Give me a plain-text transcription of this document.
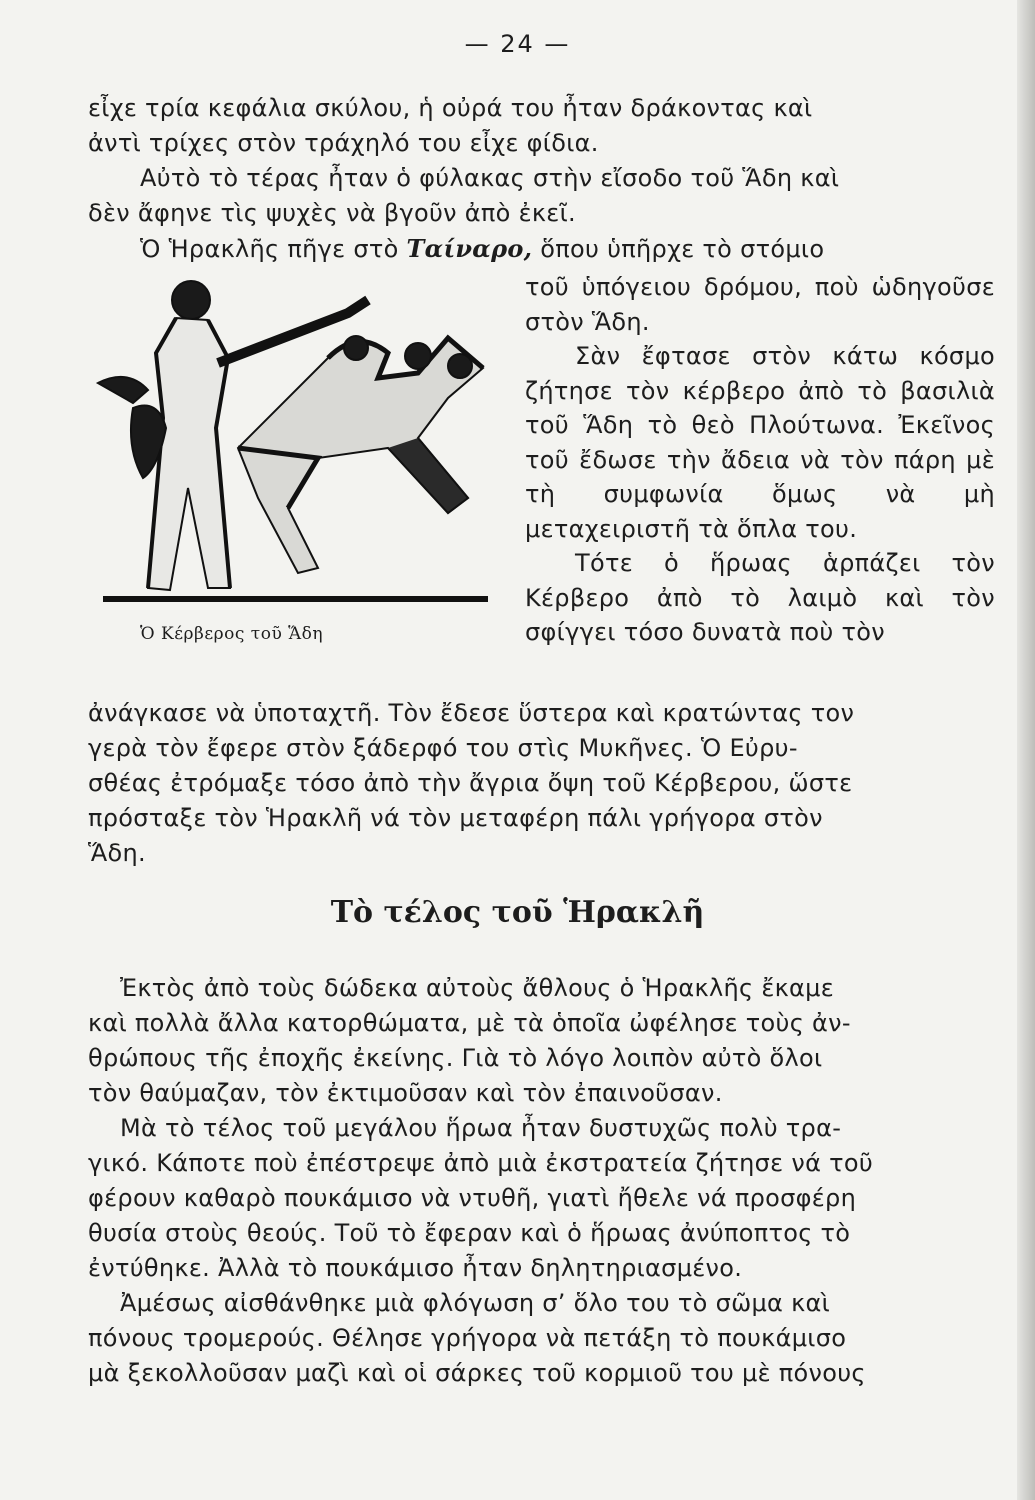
— 24 —
εἶχε τρία κεφάλια σκύλου, ἡ οὐρά του ἦταν δράκοντας καὶ
ἀντὶ τρίχες στὸν τράχηλό του εἶχε φίδια.
Αὐτὸ τὸ τέρας ἦταν ὁ φύλακας στὴν εἴσοδο τοῦ Ἅδη καὶ
δὲν ἄφηνε τὶς ψυχὲς νὰ βγοῦν ἀπὸ ἐκεῖ.
Ὁ Ἡρακλῆς πῆγε στὸ Ταίναρο, ὅπου ὑπῆρχε τὸ στόμιο

τοῦ ὑπόγειου δρόμου, ποὺ ὡδηγοῦσε στὸν Ἅδη.

Σὰν ἔφτασε στὸν κάτω κόσμο ζήτησε τὸν κέρβερο ἀπὸ τὸ βασιλιὰ τοῦ Ἅδη τὸ θεὸ Πλούτωνα. Ἐκεῖνος τοῦ ἔδωσε τὴν ἄδεια νὰ τὸν πάρη μὲ τὴ συμφωνία ὅμως νὰ μὴ μεταχειριστῆ τὰ ὅπλα του.

Τότε ὁ ἥρωας ἁρπάζει τὸν Κέρβερο ἀπὸ τὸ λαιμὸ καὶ τὸν σφίγγει τόσο δυνατὰ ποὺ τὸν

Ὁ Κέρβερος τοῦ Ἅδη
ἀνάγκασε νὰ ὑποταχτῆ. Τὸν ἔδεσε ὕστερα καὶ κρατώντας τον
γερὰ τὸν ἔφερε στὸν ξάδερφό του στὶς Μυκῆνες. Ὁ Εὐρυ-
σθέας ἐτρόμαξε τόσο ἀπὸ τὴν ἄγρια ὄψη τοῦ Κέρβερου, ὥστε
πρόσταξε τὸν Ἡρακλῆ νά τὸν μεταφέρη πάλι γρήγορα στὸν
Ἅδη.
Τὸ τέλος τοῦ Ἡρακλῆ
Ἐκτὸς ἀπὸ τοὺς δώδεκα αὐτοὺς ἄθλους ὁ Ἡρακλῆς ἔκαμε
καὶ πολλὰ ἄλλα κατορθώματα, μὲ τὰ ὁποῖα ὠφέλησε τοὺς ἀν-
θρώπους τῆς ἐποχῆς ἐκείνης. Γιὰ τὸ λόγο λοιπὸν αὐτὸ ὅλοι
τὸν θαύμαζαν, τὸν ἐκτιμοῦσαν καὶ τὸν ἐπαινοῦσαν.
Μὰ τὸ τέλος τοῦ μεγάλου ἥρωα ἦταν δυστυχῶς πολὺ τρα-
γικό. Κάποτε ποὺ ἐπέστρεψε ἀπὸ μιὰ ἐκστρατεία ζήτησε νά τοῦ
φέρουν καθαρὸ πουκάμισο νὰ ντυθῆ, γιατὶ ἤθελε νά προσφέρη
θυσία στοὺς θεούς. Τοῦ τὸ ἔφεραν καὶ ὁ ἥρωας ἀνύποπτος τὸ
ἐντύθηκε. Ἀλλὰ τὸ πουκάμισο ἦταν δηλητηριασμένο.
Ἀμέσως αἰσθάνθηκε μιὰ φλόγωση σ’ ὅλο του τὸ σῶμα καὶ
πόνους τρομερούς. Θέλησε γρήγορα νὰ πετάξη τὸ πουκάμισο
μὰ ξεκολλοῦσαν μαζὶ καὶ οἱ σάρκες τοῦ κορμιοῦ του μὲ πόνους
